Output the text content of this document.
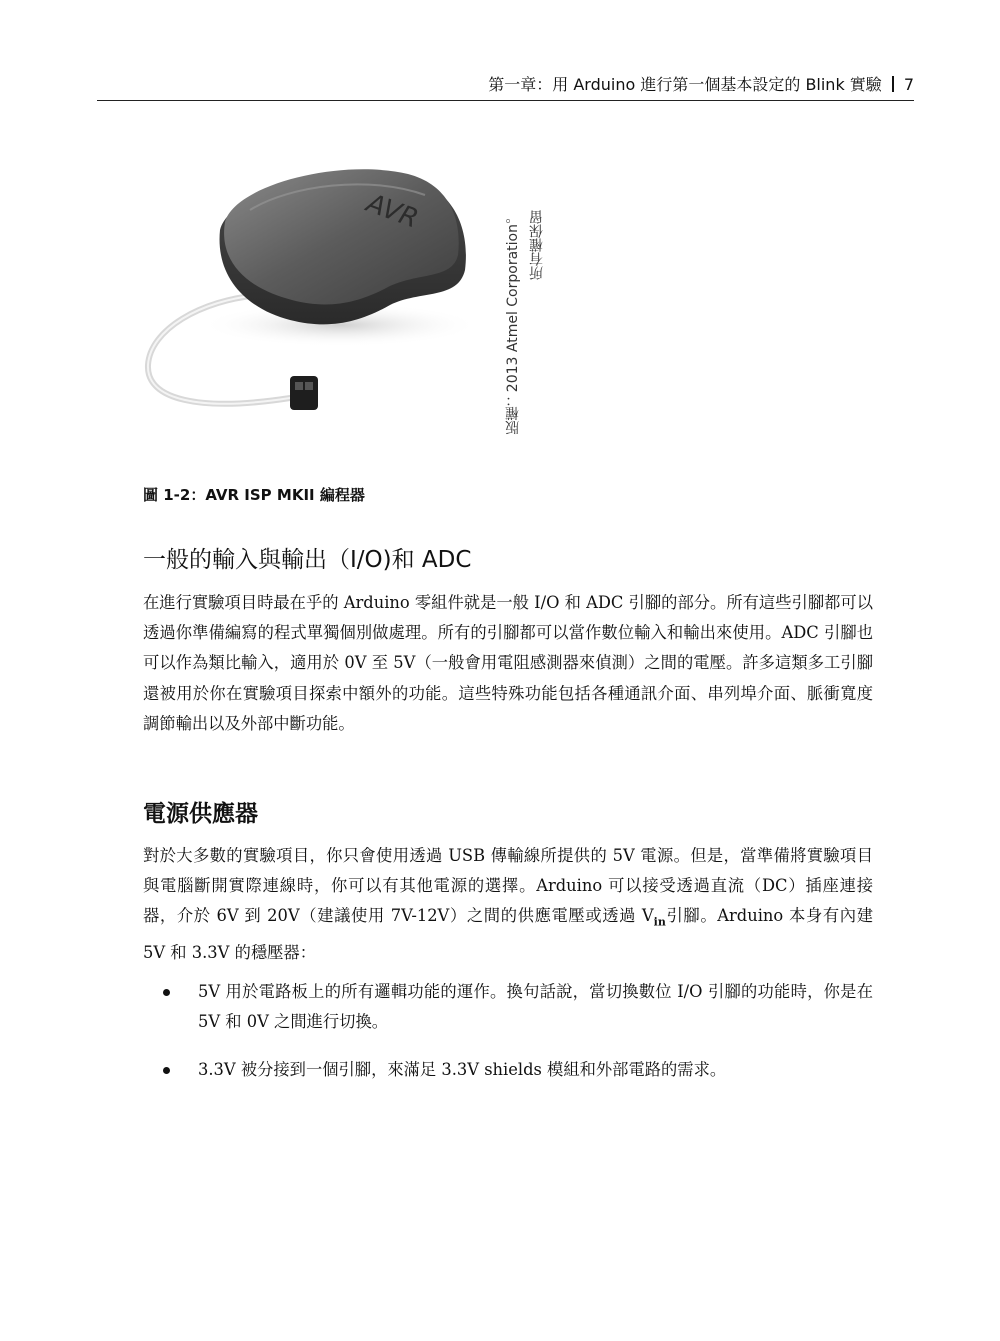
第一章：用 Arduino 進行第一個基本設定的 Blink 實驗 7
AVR	版權：2013 Atmel Corporation。 所有權保留
圖 1-2：AVR ISP MKII 編程器
一般的輸入與輸出（I/O)和 ADC

在進行實驗項目時最在乎的 Arduino 零組件就是一般 I/O 和 ADC 引腳的部分。所有這些引腳都可以透過你準備編寫的程式單獨個別做處理。所有的引腳都可以當作數位輸入和輸出來使用。ADC 引腳也可以作為類比輸入，適用於 0V 至 5V（一般會用電阻感測器來偵測）之間的電壓。許多這類多工引腳還被用於你在實驗項目探索中額外的功能。這些特殊功能包括各種通訊介面、串列埠介面、脈衝寬度調節輸出以及外部中斷功能。

電源供應器

對於大多數的實驗項目，你只會使用透過 USB 傳輸線所提供的 5V 電源。但是，當準備將實驗項目與電腦斷開實際連線時，你可以有其他電源的選擇。Arduino 可以接受透過直流（DC）插座連接器，介於 6V 到 20V（建議使用 7V-12V）之間的供應電壓或透過 $V_{in}$引腳。Arduino 本身有內建 5V 和 3.3V 的穩壓器：

5V 用於電路板上的所有邏輯功能的運作。換句話說，當切換數位 I/O 引腳的功能時，你是在 5V 和 0V 之間進行切換。
3.3V 被分接到一個引腳，來滿足 3.3V shields 模組和外部電路的需求。
